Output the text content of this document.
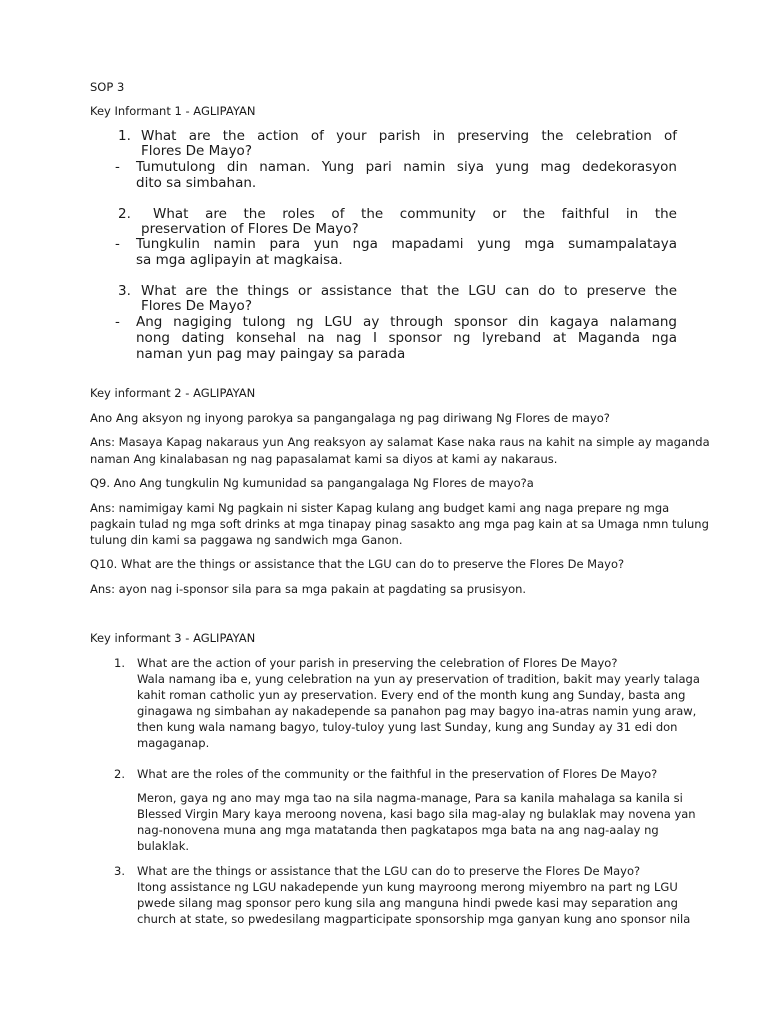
SOP 3
Key Informant 1 - AGLIPAYAN
1. What are the action of your parish in preserving the celebration of
Flores De Mayo?
- Tumutulong din naman. Yung pari namin siya yung mag dedekorasyon
dito sa simbahan.
2. What are the roles of the community or the faithful in the
preservation of Flores De Mayo?
- Tungkulin namin para yun nga mapadami yung mga sumampalataya
sa mga aglipayin at magkaisa.
3. What are the things or assistance that the LGU can do to preserve the
Flores De Mayo?
- Ang nagiging tulong ng LGU ay through sponsor din kagaya nalamang
nong dating konsehal na nag I sponsor ng lyreband at Maganda nga
naman yun pag may paingay sa parada
Key informant 2 - AGLIPAYAN
Ano Ang aksyon ng inyong parokya sa pangangalaga ng pag diriwang Ng Flores de mayo?
Ans: Masaya Kapag nakaraus yun Ang reaksyon ay salamat Kase naka raus na kahit na simple ay maganda
naman Ang kinalabasan ng nag papasalamat kami sa diyos at kami ay nakaraus.
Q9. Ano Ang tungkulin Ng kumunidad sa pangangalaga Ng Flores de mayo?a
Ans: namimigay kami Ng pagkain ni sister Kapag kulang ang budget kami ang naga prepare ng mga
pagkain tulad ng mga soft drinks at mga tinapay pinag sasakto ang mga pag kain at sa Umaga nmn tulung
tulung din kami sa paggawa ng sandwich mga Ganon.
Q10. What are the things or assistance that the LGU can do to preserve the Flores De Mayo?
Ans: ayon nag i-sponsor sila para sa mga pakain at pagdating sa prusisyon.
Key informant 3 - AGLIPAYAN
1. What are the action of your parish in preserving the celebration of Flores De Mayo?
Wala namang iba e, yung celebration na yun ay preservation of tradition, bakit may yearly talaga
kahit roman catholic yun ay preservation. Every end of the month kung ang Sunday, basta ang
ginagawa ng simbahan ay nakadepende sa panahon pag may bagyo ina-atras namin yung araw,
then kung wala namang bagyo, tuloy-tuloy yung last Sunday, kung ang Sunday ay 31 edi don
magaganap.
2. What are the roles of the community or the faithful in the preservation of Flores De Mayo?
Meron, gaya ng ano may mga tao na sila nagma-manage, Para sa kanila mahalaga sa kanila si
Blessed Virgin Mary kaya meroong novena, kasi bago sila mag-alay ng bulaklak may novena yan
nag-nonovena muna ang mga matatanda then pagkatapos mga bata na ang nag-aalay ng
bulaklak.
3. What are the things or assistance that the LGU can do to preserve the Flores De Mayo?
Itong assistance ng LGU nakadepende yun kung mayroong merong miyembro na part ng LGU
pwede silang mag sponsor pero kung sila ang manguna hindi pwede kasi may separation ang
church at state, so pwedesilang magparticipate sponsorship mga ganyan kung ano sponsor nila
